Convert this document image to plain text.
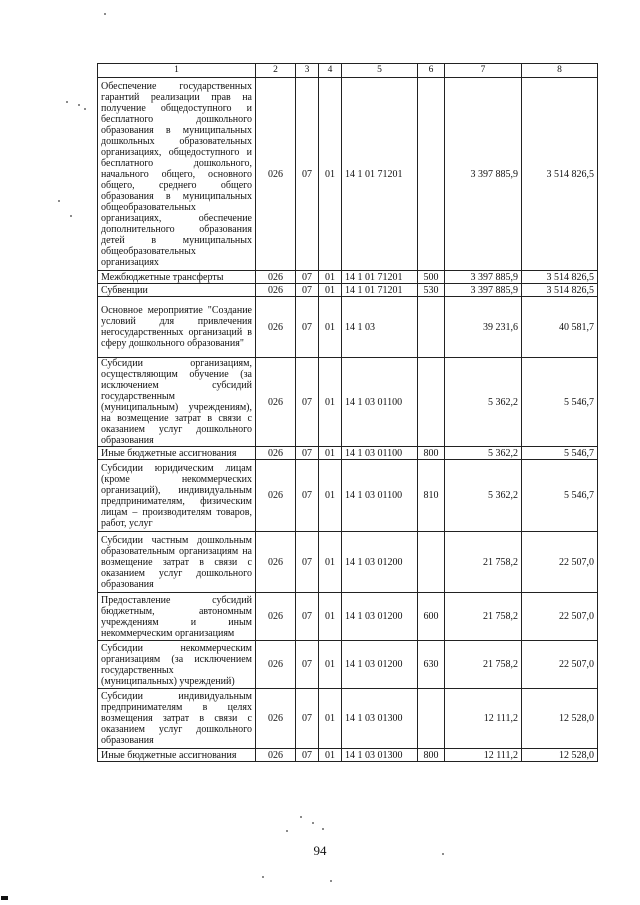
1	2	3	4	5	6	7	8
Обеспечение государственных гарантий реализации прав на получение общедоступного и бесплатного дошкольного образования в муниципальных дошкольных образовательных организациях, общедоступного и бесплатного дошкольного, начального общего, основного общего, среднего общего образования в муниципальных общеобразовательных организациях, обеспечение дополнительного образования детей в муниципальных общеобразовательных организациях	026	07	01	14 1 01 71201		3 397 885,9	3 514 826,5
Межбюджетные трансферты	026	07	01	14 1 01 71201	500	3 397 885,9	3 514 826,5
Субвенции	026	07	01	14 1 01 71201	530	3 397 885,9	3 514 826,5
Основное мероприятие "Создание условий для привлечения негосударственных организаций в сферу дошкольного образования"	026	07	01	14 1 03		39 231,6	40 581,7
Субсидии организациям, осуществляющим обучение (за исключением субсидий государственным (муниципальным) учреждениям), на возмещение затрат в связи с оказанием услуг дошкольного образования	026	07	01	14 1 03 01100		5 362,2	5 546,7
Иные бюджетные ассигнования	026	07	01	14 1 03 01100	800	5 362,2	5 546,7
Субсидии юридическим лицам (кроме некоммерческих организаций), индивидуальным предпринимателям, физическим лицам – производителям товаров, работ, услуг	026	07	01	14 1 03 01100	810	5 362,2	5 546,7
Субсидии частным дошкольным образовательным организациям на возмещение затрат в связи с оказанием услуг дошкольного образования	026	07	01	14 1 03 01200		21 758,2	22 507,0
Предоставление субсидий бюджетным, автономным учреждениям и иным некоммерческим организациям	026	07	01	14 1 03 01200	600	21 758,2	22 507,0
Субсидии некоммерческим организациям (за исключением государственных (муниципальных) учреждений)	026	07	01	14 1 03 01200	630	21 758,2	22 507,0
Субсидии индивидуальным предпринимателям в целях возмещения затрат в связи с оказанием услуг дошкольного образования	026	07	01	14 1 03 01300		12 111,2	12 528,0
Иные бюджетные ассигнования	026	07	01	14 1 03 01300	800	12 111,2	12 528,0
94
